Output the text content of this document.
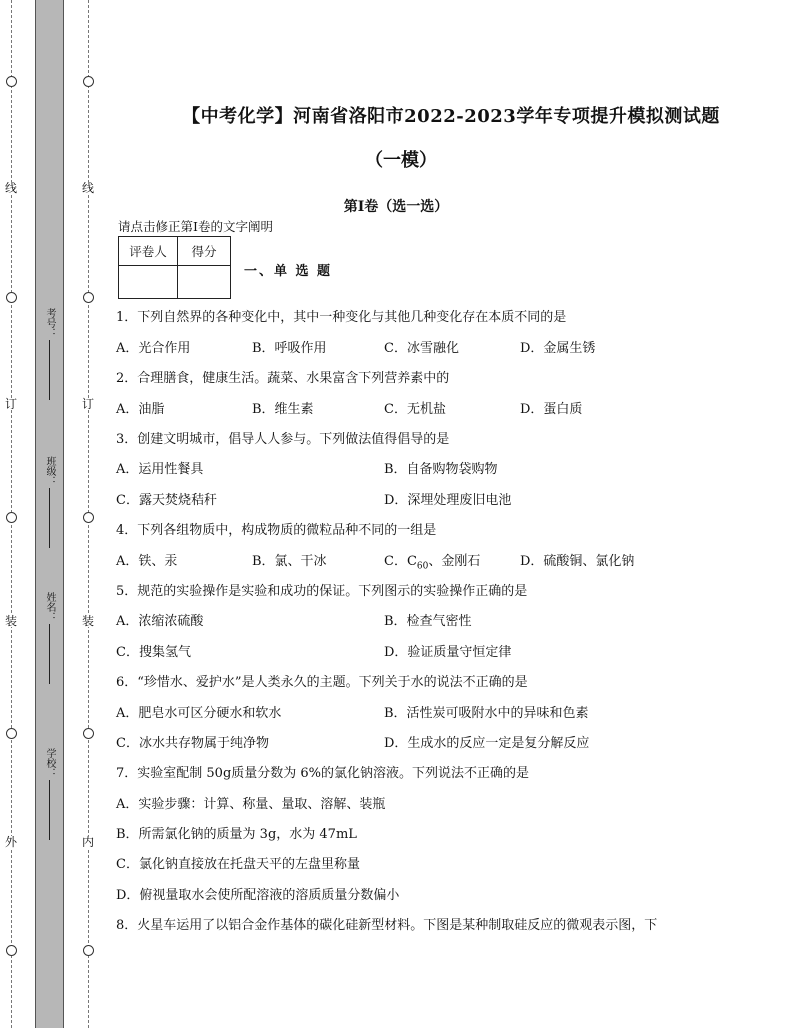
线
订
装
外
线
订
装
内
考号：
班级：
姓名：
学校：
【中考化学】河南省洛阳市2022-2023学年专项提升模拟测试题
（一模）
第I卷（选一选）
请点击修正第I卷的文字阐明
评卷人	得分

一、单 选 题
1．下列自然界的各种变化中，其中一种变化与其他几种变化存在本质不同的是
A．光合作用	B．呼吸作用	C．冰雪融化	D．金属生锈
2．合理膳食，健康生活。蔬菜、水果富含下列营养素中的
A．油脂	B．维生素	C．无机盐	D．蛋白质
3．创建文明城市，倡导人人参与。下列做法值得倡导的是
A．运用性餐具	B．自备购物袋购物
C．露天焚烧秸秆	D．深埋处理废旧电池
4．下列各组物质中，构成物质的微粒品种不同的一组是
A．铁、汞	B．氯、干冰	C．$C_{60}$、金刚石	D．硫酸铜、氯化钠
5．规范的实验操作是实验和成功的保证。下列图示的实验操作正确的是
A．浓缩浓硫酸	B．检查气密性
C．搜集氢气	D．验证质量守恒定律
6．“珍惜水、爱护水”是人类永久的主题。下列关于水的说法不正确的是
A．肥皂水可区分硬水和软水	B．活性炭可吸附水中的异味和色素
C．冰水共存物属于纯净物	D．生成水的反应一定是复分解反应
7．实验室配制 50g质量分数为 6%的氯化钠溶液。下列说法不正确的是
A．实验步骤：计算、称量、量取、溶解、装瓶
B．所需氯化钠的质量为 3g，水为 47mL
C．氯化钠直接放在托盘天平的左盘里称量
D．俯视量取水会使所配溶液的溶质质量分数偏小
8．火星车运用了以铝合金作基体的碳化硅新型材料。下图是某种制取硅反应的微观表示图，下
